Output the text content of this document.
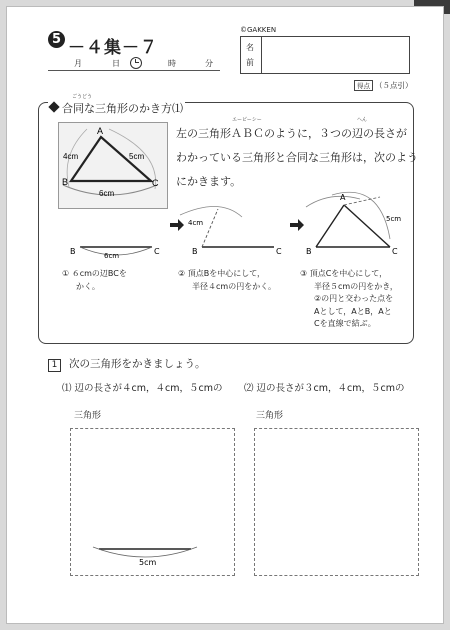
5 －４集－７
月	日	時	分
©GAKKEN
名
前
得点 （５点引）
ごうどう
合同な三角形のかき方⑴
A
B	C
4cm	5cm
6cm
エービーシー	へん
左の三角形ＡＢＣのように，３つの辺の長さが
わかっている三角形と合同な三角形は，次のよう
にかきます。
B	C
6cm	B	C
4cm
A
B	C
5cm
① ６cmの辺BCを
かく。
② 頂点Bを中心にして，
半径４cmの円をかく。
③ 頂点Cを中心にして，
半径５cmの円をかき，
②の円と交わった点を
Aとして，AとB，Aと
Cを直線で結ぶ。
1 次の三角形をかきましょう。
⑴ 辺の長さが４cm，４cm，５cmの ⑵ 辺の長さが３cm，４cm，５cmの
三角形	三角形
5cm
